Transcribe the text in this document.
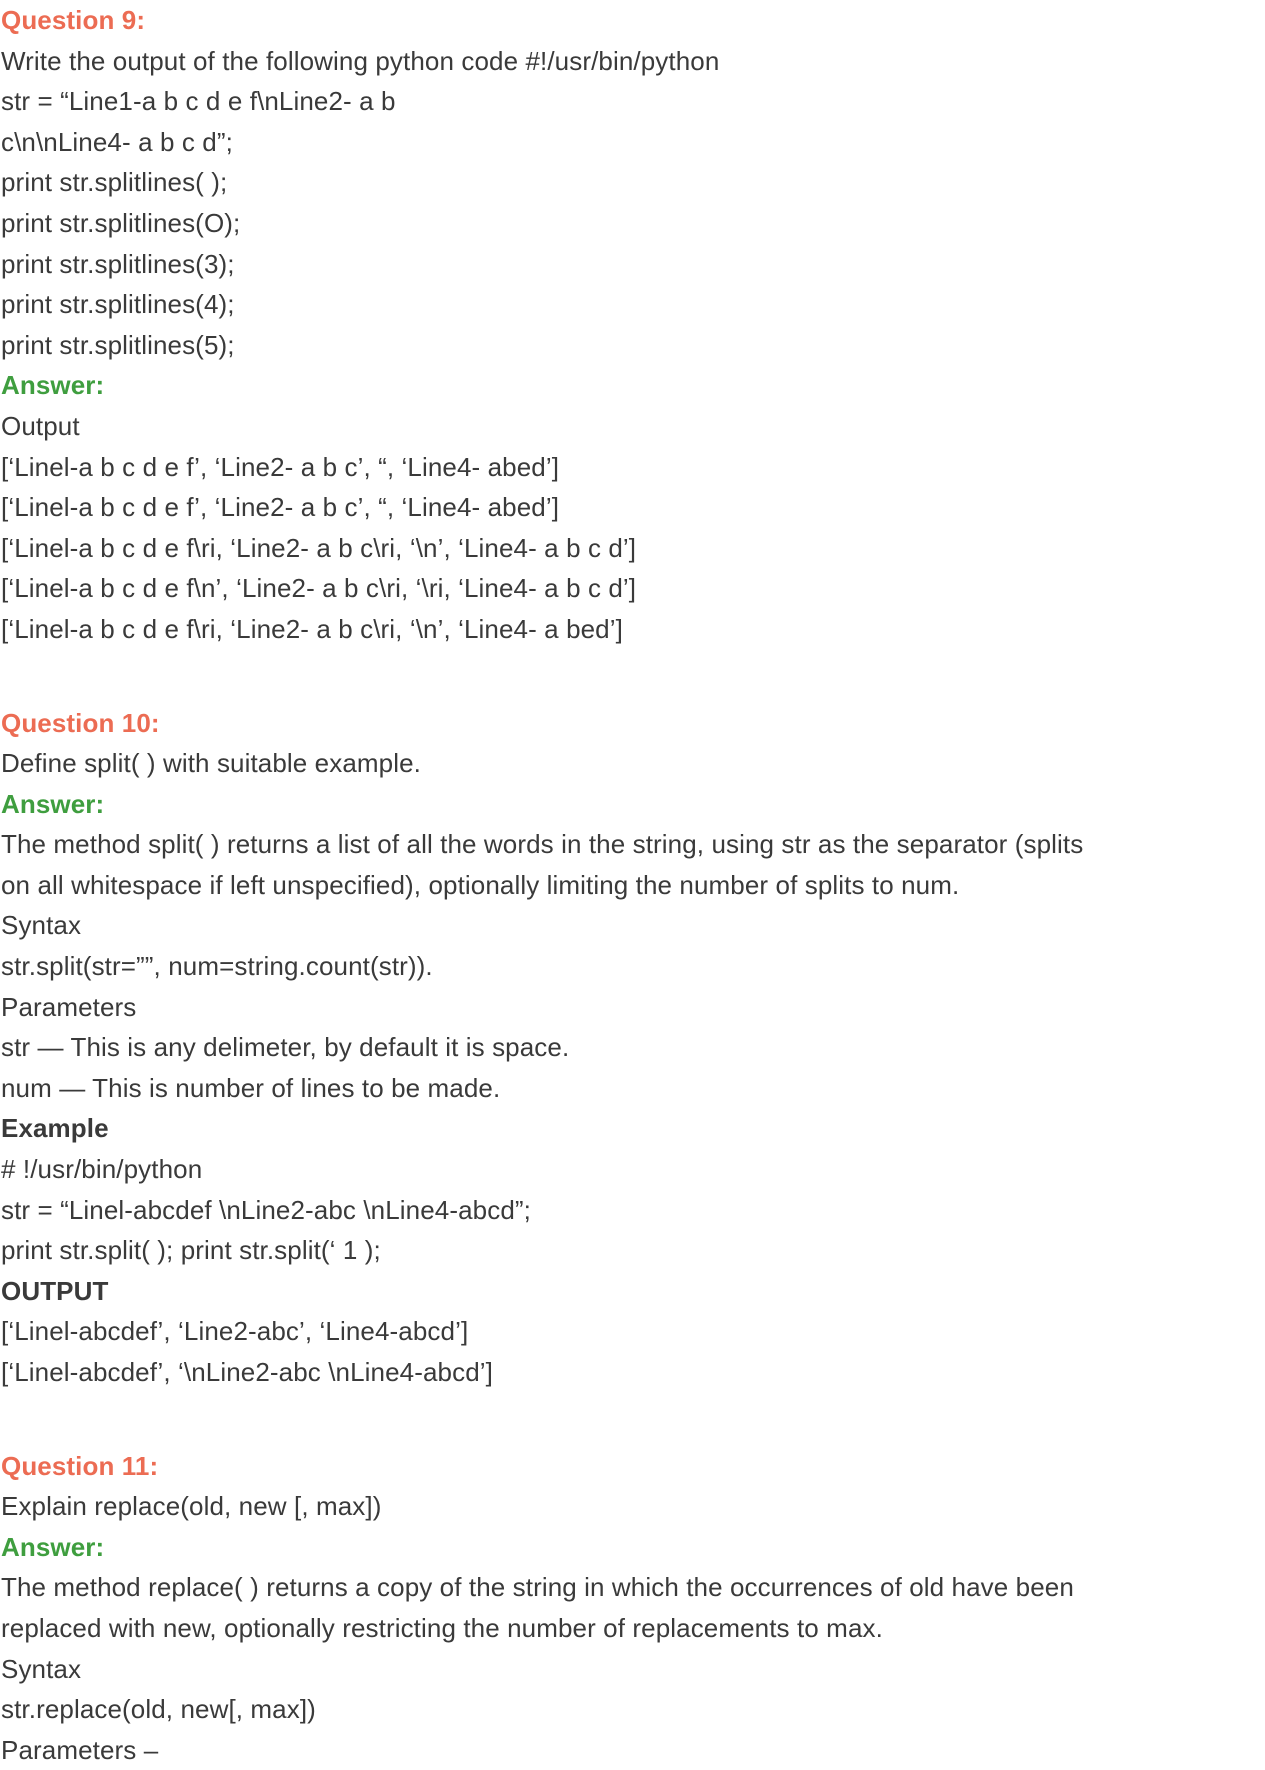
Question 9:
Write the output of the following python code #!/usr/bin/python
str = “Line1-a b c d e f\nLine2- a b
c\n\nLine4- a b c d”;
print str.splitlines( );
print str.splitlines(O);
print str.splitlines(3);
print str.splitlines(4);
print str.splitlines(5);
Answer:
Output
[‘Linel-a b c d e f’, ‘Line2- a b c’, “, ‘Line4- abed’]
[‘Linel-a b c d e f’, ‘Line2- a b c’, “, ‘Line4- abed’]
[‘Linel-a b c d e f\ri, ‘Line2- a b c\ri, ‘\n’, ‘Line4- a b c d’]
[‘Linel-a b c d e f\n’, ‘Line2- a b c\ri, ‘\ri, ‘Line4- a b c d’]
[‘Linel-a b c d e f\ri, ‘Line2- a b c\ri, ‘\n’, ‘Line4- a bed’]
Question 10:
Define split( ) with suitable example.
Answer:
The method split( ) returns a list of all the words in the string, using str as the separator (splits
on all whitespace if left unspecified), optionally limiting the number of splits to num.
Syntax
str.split(str=””, num=string.count(str)).
Parameters
str — This is any delimeter, by default it is space.
num — This is number of lines to be made.
Example
# !/usr/bin/python
str = “Linel-abcdef \nLine2-abc \nLine4-abcd”;
print str.split( ); print str.split(‘ 1 );
OUTPUT
[‘Linel-abcdef’, ‘Line2-abc’, ‘Line4-abcd’]
[‘Linel-abcdef’, ‘\nLine2-abc \nLine4-abcd’]
Question 11:
Explain replace(old, new [, max])
Answer:
The method replace( ) returns a copy of the string in which the occurrences of old have been
replaced with new, optionally restricting the number of replacements to max.
Syntax
str.replace(old, new[, max])
Parameters –
